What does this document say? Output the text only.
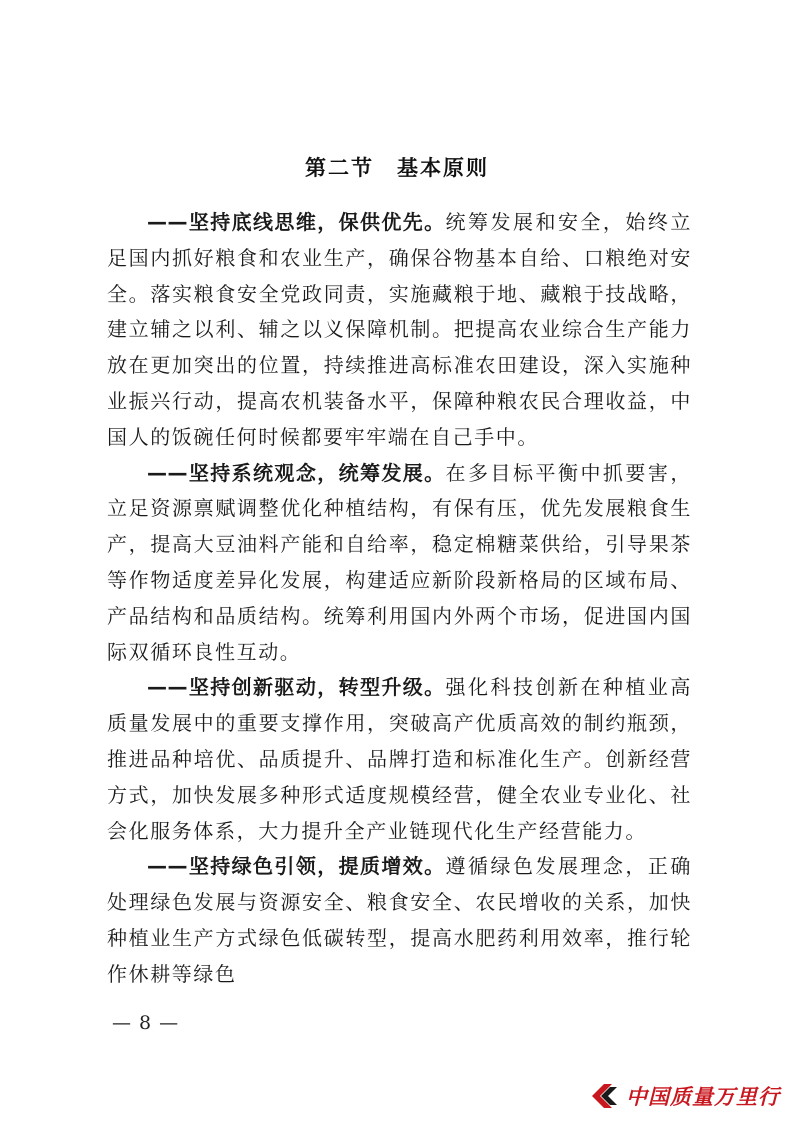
第二节　基本原则

——坚持底线思维，保供优先。统筹发展和安全，始终立足国内抓好粮食和农业生产，确保谷物基本自给、口粮绝对安全。落实粮食安全党政同责，实施藏粮于地、藏粮于技战略，建立辅之以利、辅之以义保障机制。把提高农业综合生产能力放在更加突出的位置，持续推进高标准农田建设，深入实施种业振兴行动，提高农机装备水平，保障种粮农民合理收益，中国人的饭碗任何时候都要牢牢端在自己手中。

——坚持系统观念，统筹发展。在多目标平衡中抓要害，立足资源禀赋调整优化种植结构，有保有压，优先发展粮食生产，提高大豆油料产能和自给率，稳定棉糖菜供给，引导果茶等作物适度差异化发展，构建适应新阶段新格局的区域布局、产品结构和品质结构。统筹利用国内外两个市场，促进国内国际双循环良性互动。

——坚持创新驱动，转型升级。强化科技创新在种植业高质量发展中的重要支撑作用，突破高产优质高效的制约瓶颈，推进品种培优、品质提升、品牌打造和标准化生产。创新经营方式，加快发展多种形式适度规模经营，健全农业专业化、社会化服务体系，大力提升全产业链现代化生产经营能力。

——坚持绿色引领，提质增效。遵循绿色发展理念，正确处理绿色发展与资源安全、粮食安全、农民增收的关系，加快种植业生产方式绿色低碳转型，提高水肥药利用效率，推行轮作休耕等绿色

— 8 —
中国质量万里行
